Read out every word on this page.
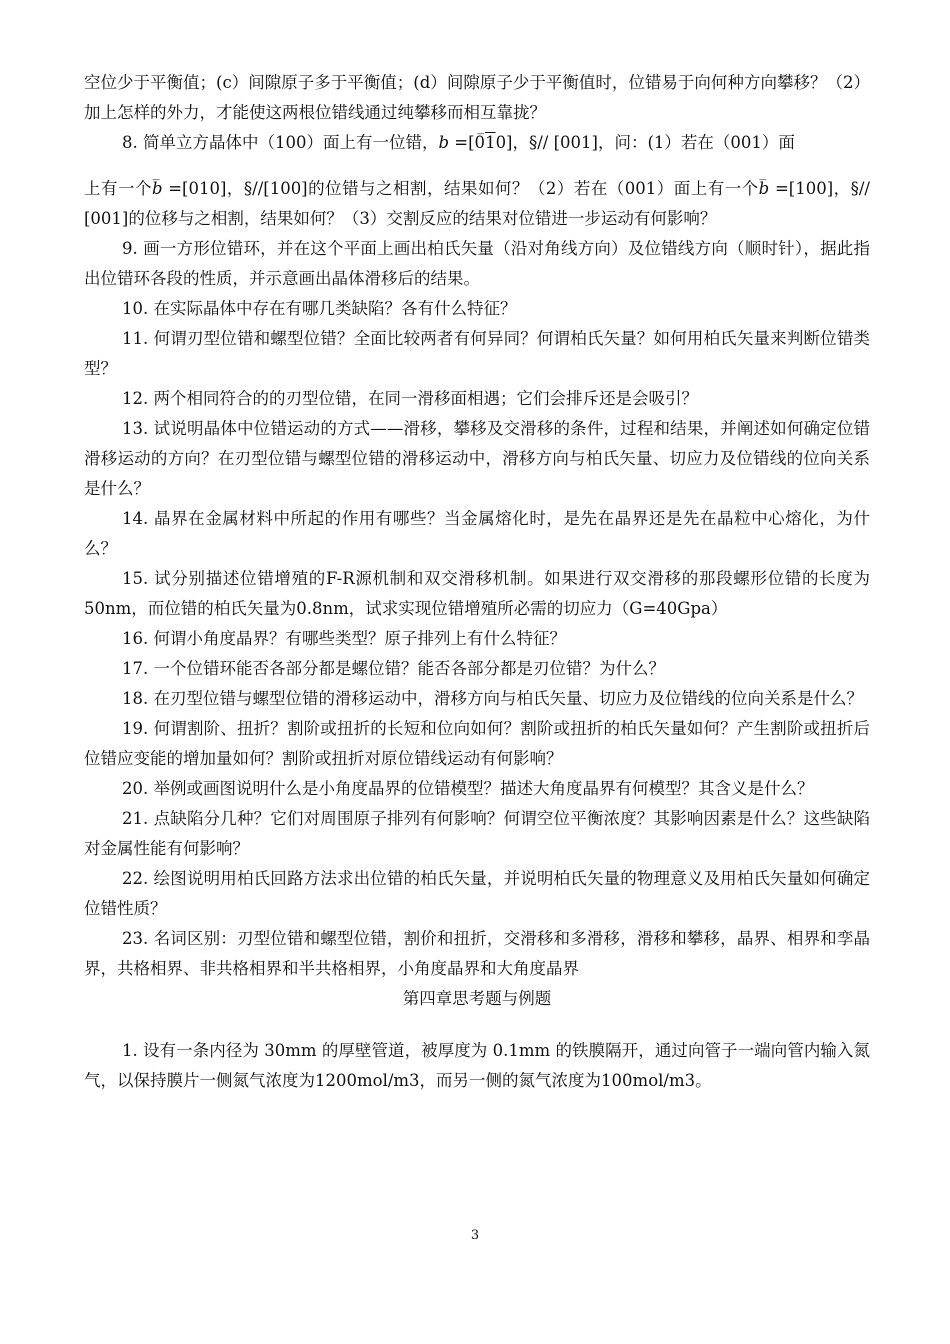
空位少于平衡值；(c）间隙原子多于平衡值；(d）间隙原子少于平衡值时，位错易于向何种方向攀移？（2）加上怎样的外力，才能使这两根位错线通过纯攀移而相互靠拢？

8. 简单立方晶体中（100）面上有一位错，‾ b =[010]，§// [001]，问：(1）若在（001）面

上有一个‾ b =[010]，§//[100]的位错与之相割，结果如何？（2）若在（001）面上有一个‾ b =[100]，§// [001]的位移与之相割，结果如何？（3）交割反应的结果对位错进一步运动有何影响？

9. 画一方形位错环，并在这个平面上画出柏氏矢量（沿对角线方向）及位错线方向（顺时针），据此指出位错环各段的性质，并示意画出晶体滑移后的结果。

10. 在实际晶体中存在有哪几类缺陷？各有什么特征？

11. 何谓刃型位错和螺型位错？全面比较两者有何异同？何谓柏氏矢量？如何用柏氏矢量来判断位错类型？

12. 两个相同符合的的刃型位错，在同一滑移面相遇；它们会排斥还是会吸引？

13. 试说明晶体中位错运动的方式——滑移，攀移及交滑移的条件，过程和结果，并阐述如何确定位错滑移运动的方向？在刃型位错与螺型位错的滑移运动中，滑移方向与柏氏矢量、切应力及位错线的位向关系是什么？

14. 晶界在金属材料中所起的作用有哪些？当金属熔化时，是先在晶界还是先在晶粒中心熔化，为什么？

15. 试分别描述位错增殖的F-R源机制和双交滑移机制。如果进行双交滑移的那段螺形位错的长度为50nm，而位错的柏氏矢量为0.8nm，试求实现位错增殖所必需的切应力（G=40Gpa）

16. 何谓小角度晶界？有哪些类型？原子排列上有什么特征？

17. 一个位错环能否各部分都是螺位错？能否各部分都是刃位错？为什么？

18. 在刃型位错与螺型位错的滑移运动中，滑移方向与柏氏矢量、切应力及位错线的位向关系是什么？

19. 何谓割阶、扭折？割阶或扭折的长短和位向如何？割阶或扭折的柏氏矢量如何？产生割阶或扭折后位错应变能的增加量如何？割阶或扭折对原位错线运动有何影响？

20. 举例或画图说明什么是小角度晶界的位错模型？描述大角度晶界有何模型？其含义是什么？

21. 点缺陷分几种？它们对周围原子排列有何影响？何谓空位平衡浓度？其影响因素是什么？这些缺陷对金属性能有何影响？

22. 绘图说明用柏氏回路方法求出位错的柏氏矢量，并说明柏氏矢量的物理意义及用柏氏矢量如何确定位错性质？

23. 名词区别：刃型位错和螺型位错，割价和扭折，交滑移和多滑移，滑移和攀移，晶界、相界和孪晶界，共格相界、非共格相界和半共格相界，小角度晶界和大角度晶界

第四章思考题与例题

1. 设有一条内径为 30mm 的厚壁管道，被厚度为 0.1mm 的铁膜隔开，通过向管子一端向管内输入氮气，以保持膜片一侧氮气浓度为1200mol/m3，而另一侧的氮气浓度为100mol/m3。

3
